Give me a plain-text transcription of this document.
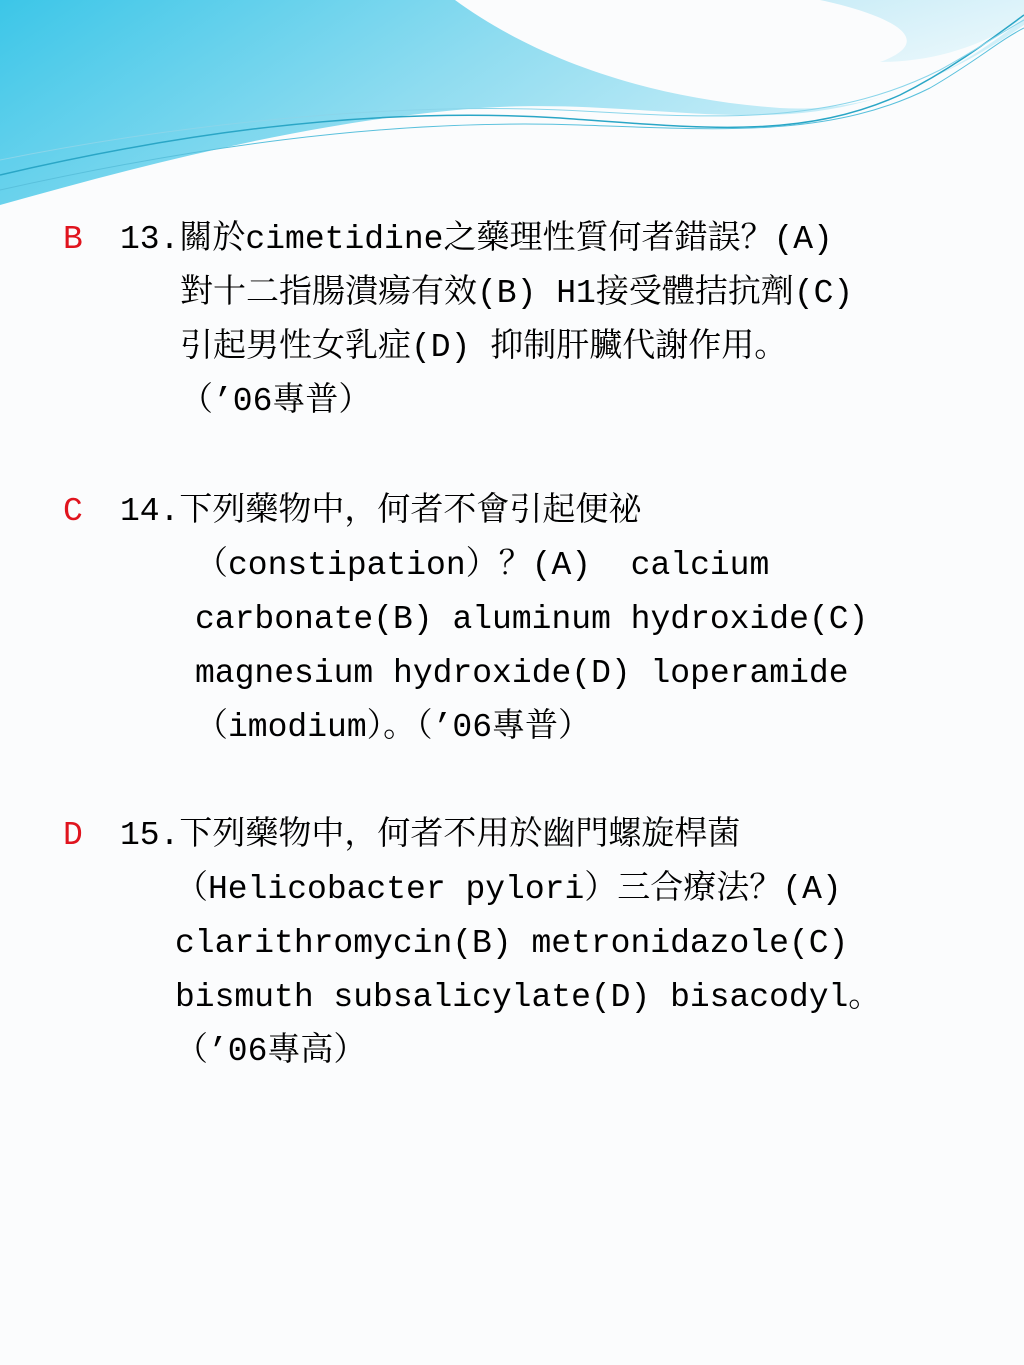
B	13.關於cimetidine之藥理性質何者錯誤？(A)
對十二指腸潰瘍有效(B) H1接受體拮抗劑(C)
引起男性女乳症(D) 抑制肝臟代謝作用。
（’06專普）
C	14.下列藥物中，何者不會引起便祕
（constipation）？(A)  calcium
carbonate(B) aluminum hydroxide(C)
magnesium hydroxide(D) loperamide
（imodium）。（’06專普）
D	15.下列藥物中，何者不用於幽門螺旋桿菌
（Helicobacter pylori）三合療法？(A)
clarithromycin(B) metronidazole(C)
bismuth subsalicylate(D) bisacodyl。
（’06專高）
